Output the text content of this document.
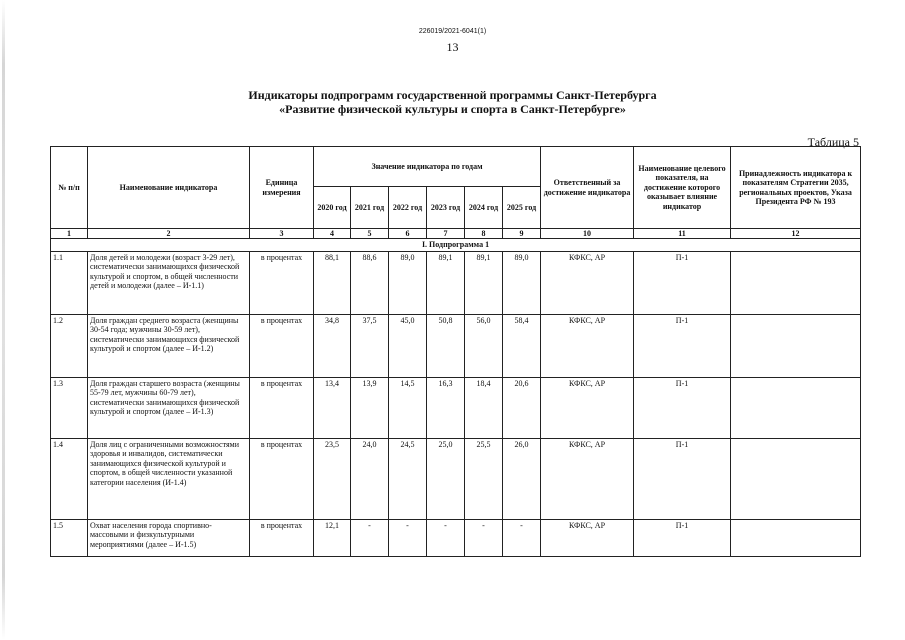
226019/2021-6041(1)
13
Индикаторы подпрограмм государственной программы Санкт-Петербурга
«Развитие физической культуры и спорта в Санкт-Петербурге»
Таблица 5
№ п/п	Наименование индикатора	Единица измерения	Значение индикатора по годам						Ответственный за достижение индикатора	Наименование целевого показателя, на достижение которого оказывает влияние индикатор	Принадлежность индикатора к показателям Стратегии 2035, региональных проектов, Указа Президента РФ № 193
			2020 год	2021 год	2022 год	2023 год	2024 год	2025 год			
1	2	3	4	5	6	7	8	9	10	11	12
I. Подпрограмма 1											
1.1	Доля детей и молодежи (возраст 3-29 лет), систематически занимающихся физической культурой и спортом, в общей численности детей и молодежи (далее – И-1.1)	в процентах	88,1	88,6	89,0	89,1	89,1	89,0	КФКС, АР	П-1	
1.2	Доля граждан среднего возраста (женщины 30-54 года; мужчины 30-59 лет), систематически занимающихся физической культурой и спортом (далее – И-1.2)	в процентах	34,8	37,5	45,0	50,8	56,0	58,4	КФКС, АР	П-1	
1.3	Доля граждан старшего возраста (женщины 55-79 лет, мужчины 60-79 лет), систематически занимающихся физической культурой и спортом (далее – И-1.3)	в процентах	13,4	13,9	14,5	16,3	18,4	20,6	КФКС, АР	П-1	
1.4	Доля лиц с ограниченными возможностями здоровья и инвалидов, систематически занимающихся физической культурой и спортом, в общей численности указанной категории населения (И-1.4)	в процентах	23,5	24,0	24,5	25,0	25,5	26,0	КФКС, АР	П-1	
1.5	Охват населения города спортивно-массовыми и физкультурными мероприятиями (далее – И-1.5)	в процентах	12,1	-	-	-	-	-	КФКС, АР	П-1	
